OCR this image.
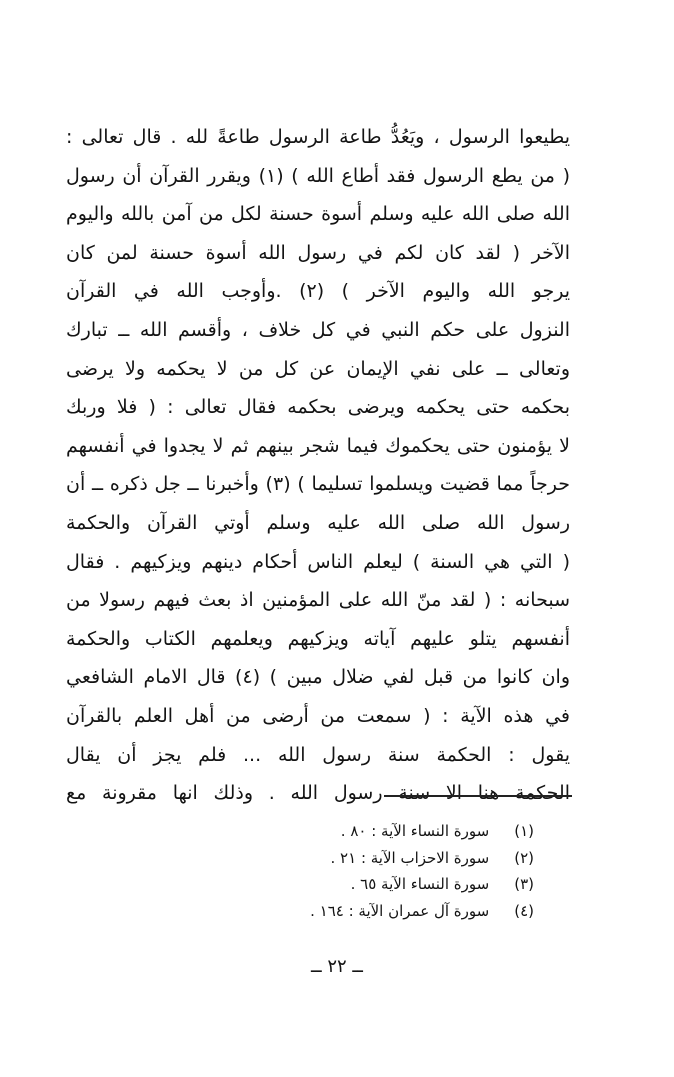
يطيعوا الرسول ، ويَعُدُّ طاعة الرسول طاعةً لله . قال تعالى :
( من يطع الرسول فقد أطاع الله ) (١) ويقرر القرآن أن رسول
الله صلى الله عليه وسلم أسوة حسنة لكل من آمن بالله واليوم
الآخر ( لقد كان لكم في رسول الله أسوة حسنة لمن كان
يرجو الله واليوم الآخر ) (٢) .وأوجب الله في القرآن
النزول على حكم النبي في كل خلاف ، وأقسم الله ــ تبارك
وتعالى ــ على نفي الإيمان عن كل من لا يحكمه ولا يرضى
بحكمه حتى يحكمه ويرضى بحكمه فقال تعالى : ( فلا وربك
لا يؤمنون حتى يحكموك فيما شجر بينهم ثم لا يجدوا في أنفسهم
حرجاً مما قضيت ويسلموا تسليما ) (٣) وأخبرنا ــ جل ذكره ــ أن
رسول الله صلى الله عليه وسلم أوتي القرآن والحكمة
( التي هي السنة ) ليعلم الناس أحكام دينهم ويزكيهم . فقال
سبحانه : ( لقد منّ الله على المؤمنين اذ بعث فيهم رسولا من
أنفسهم يتلو عليهم آياته ويزكيهم ويعلمهم الكتاب والحكمة
وان كانوا من قبل لفي ضلال مبين ) (٤) قال الامام الشافعي
في هذه الآية : ( سمعت من أرضى من أهل العلم بالقرآن
يقول : الحكمة سنة رسول الله ... فلم يجز أن يقال
الحكمة هنا الا سنة رسول الله . وذلك انها مقرونة مع
(١) سورة النساء الآية : ٨٠ .
(٢) سورة الاحزاب الآية : ٢١ .
(٣) سورة النساء الآية ٦٥ .
(٤) سورة آل عمران الآية : ١٦٤ .
ــ ٢٢ ــ
